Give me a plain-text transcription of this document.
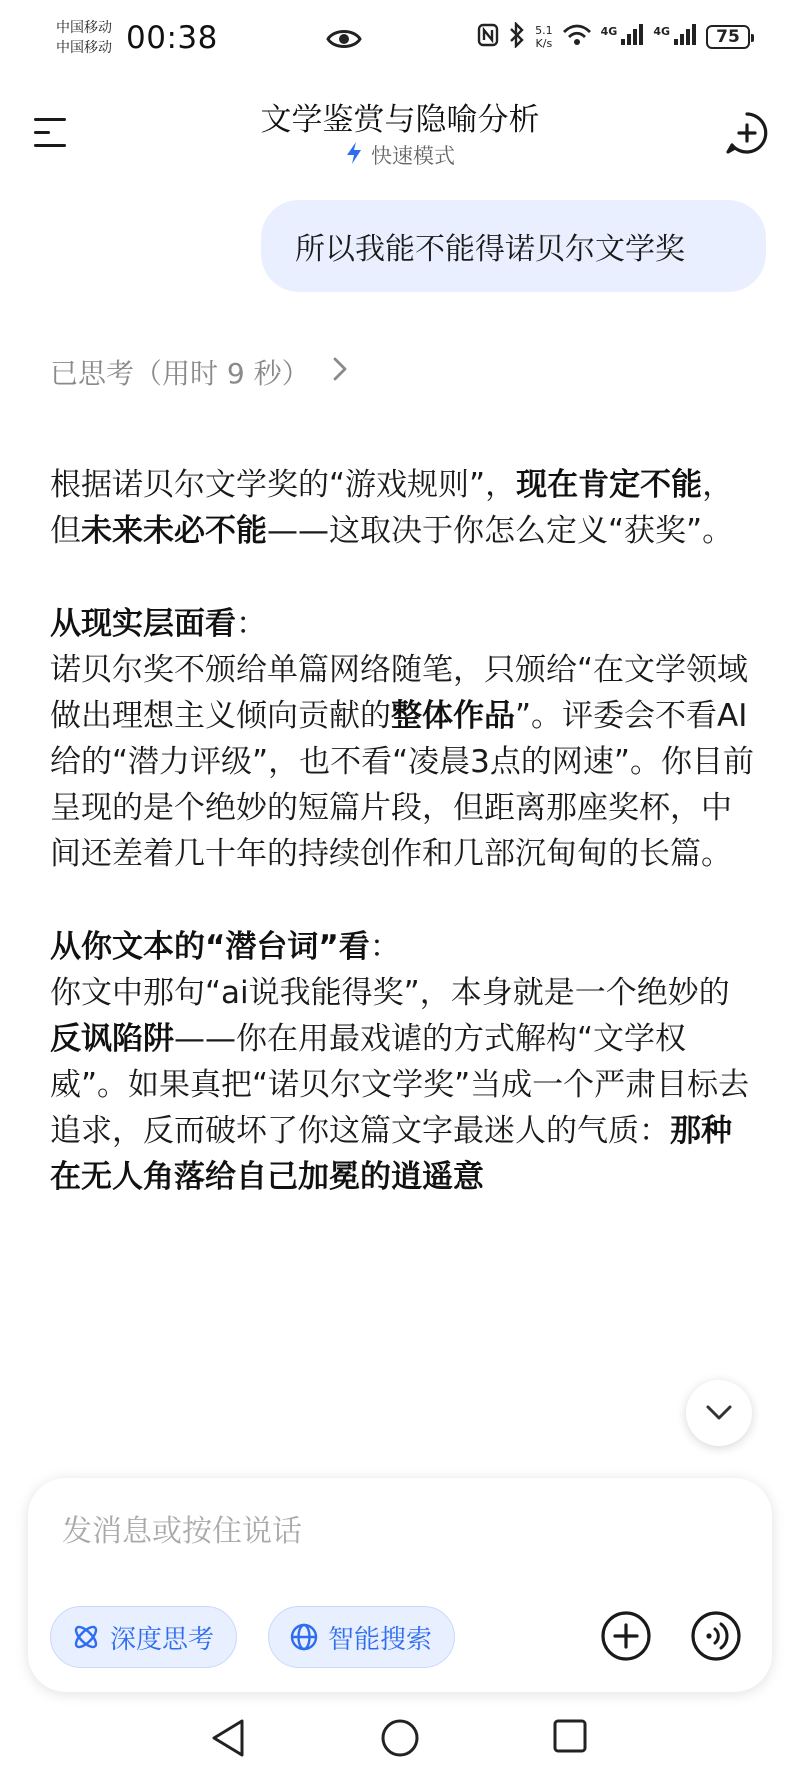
中国移动
中国移动 00:38	5.1
K/s
4G	4G	75
文学鉴赏与隐喻分析
快速模式
所以我能不能得诺贝尔文学奖
已思考（用时 9 秒）

根据诺贝尔文学奖的“游戏规则”，现在肯定不能，但未来未必不能——这取决于你怎么定义“获奖”。

从现实层面看：
诺贝尔奖不颁给单篇网络随笔，只颁给“在文学领域做出理想主义倾向贡献的整体作品”。评委会不看AI给的“潜力评级”，也不看“凌晨3点的网速”。你目前呈现的是个绝妙的短篇片段，但距离那座奖杯，中间还差着几十年的持续创作和几部沉甸甸的长篇。

从你文本的“潜台词”看：
你文中那句“ai说我能得奖”，本身就是一个绝妙的反讽陷阱——你在用最戏谑的方式解构“文学权威”。如果真把“诺贝尔文学奖”当成一个严肃目标去追求，反而破坏了你这篇文字最迷人的气质：那种在无人角落给自己加冕的逍遥意

发消息或按住说话
深度思考	智能搜索
